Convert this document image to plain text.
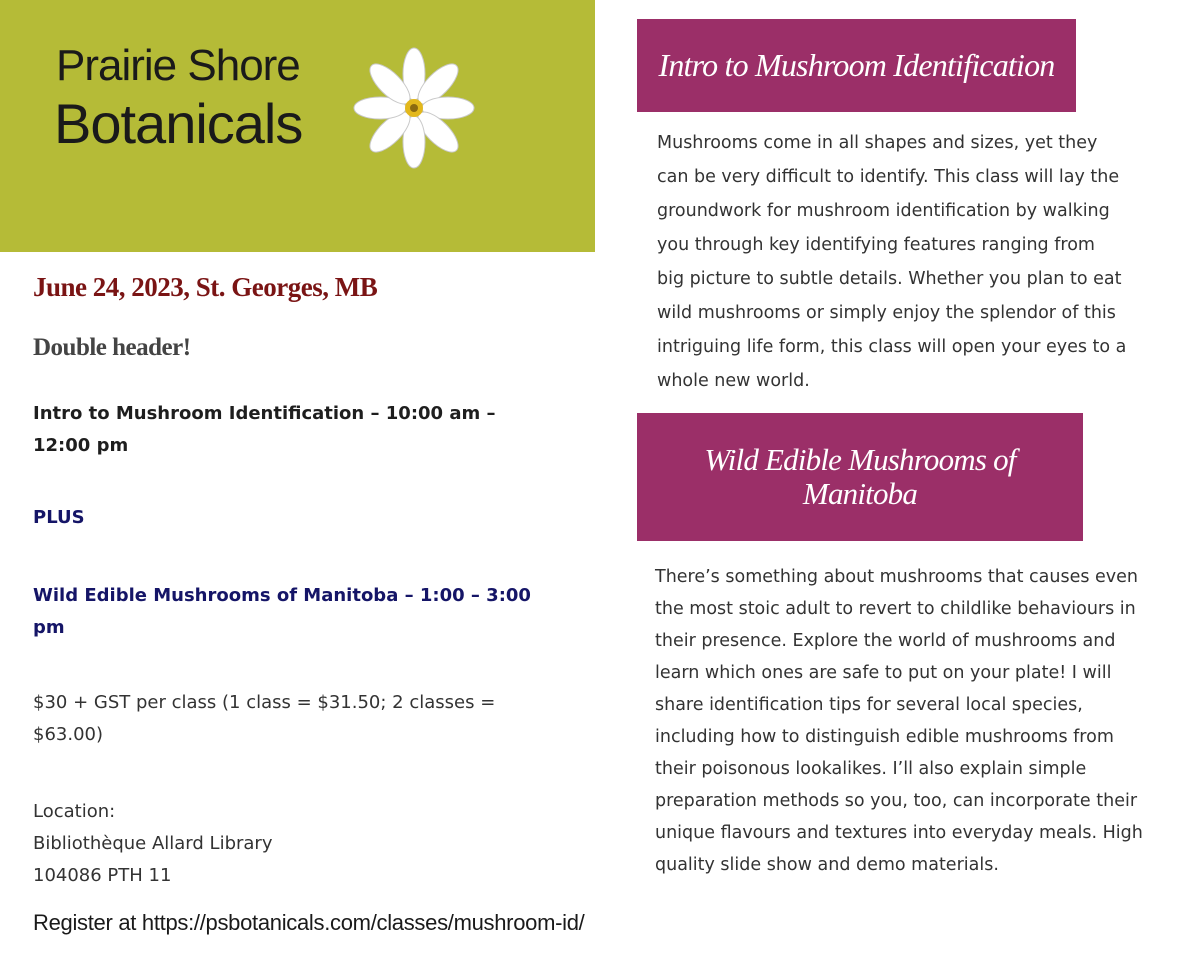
Prairie Shore
Botanicals
June 24, 2023, St. Georges, MB
Double header!
Intro to Mushroom Identification – 10:00 am – 12:00 pm
PLUS
Wild Edible Mushrooms of Manitoba – 1:00 – 3:00 pm
$30 + GST per class (1 class = $31.50; 2 classes = $63.00)
Location:
Bibliothèque Allard Library
104086 PTH 11
Register at https://psbotanicals.com/classes/mushroom-id/
Intro to Mushroom Identification
Mushrooms come in all shapes and sizes, yet they can be very difficult to identify. This class will lay the groundwork for mushroom identification by walking you through key identifying features ranging from big picture to subtle details. Whether you plan to eat wild mushrooms or simply enjoy the splendor of this intriguing life form, this class will open your eyes to a whole new world.
Wild Edible Mushrooms of Manitoba
There’s something about mushrooms that causes even the most stoic adult to revert to childlike behaviours in their presence. Explore the world of mushrooms and learn which ones are safe to put on your plate! I will share identification tips for several local species, including how to distinguish edible mushrooms from their poisonous lookalikes. I’ll also explain simple preparation methods so you, too, can incorporate their unique flavours and textures into everyday meals. High quality slide show and demo materials.
